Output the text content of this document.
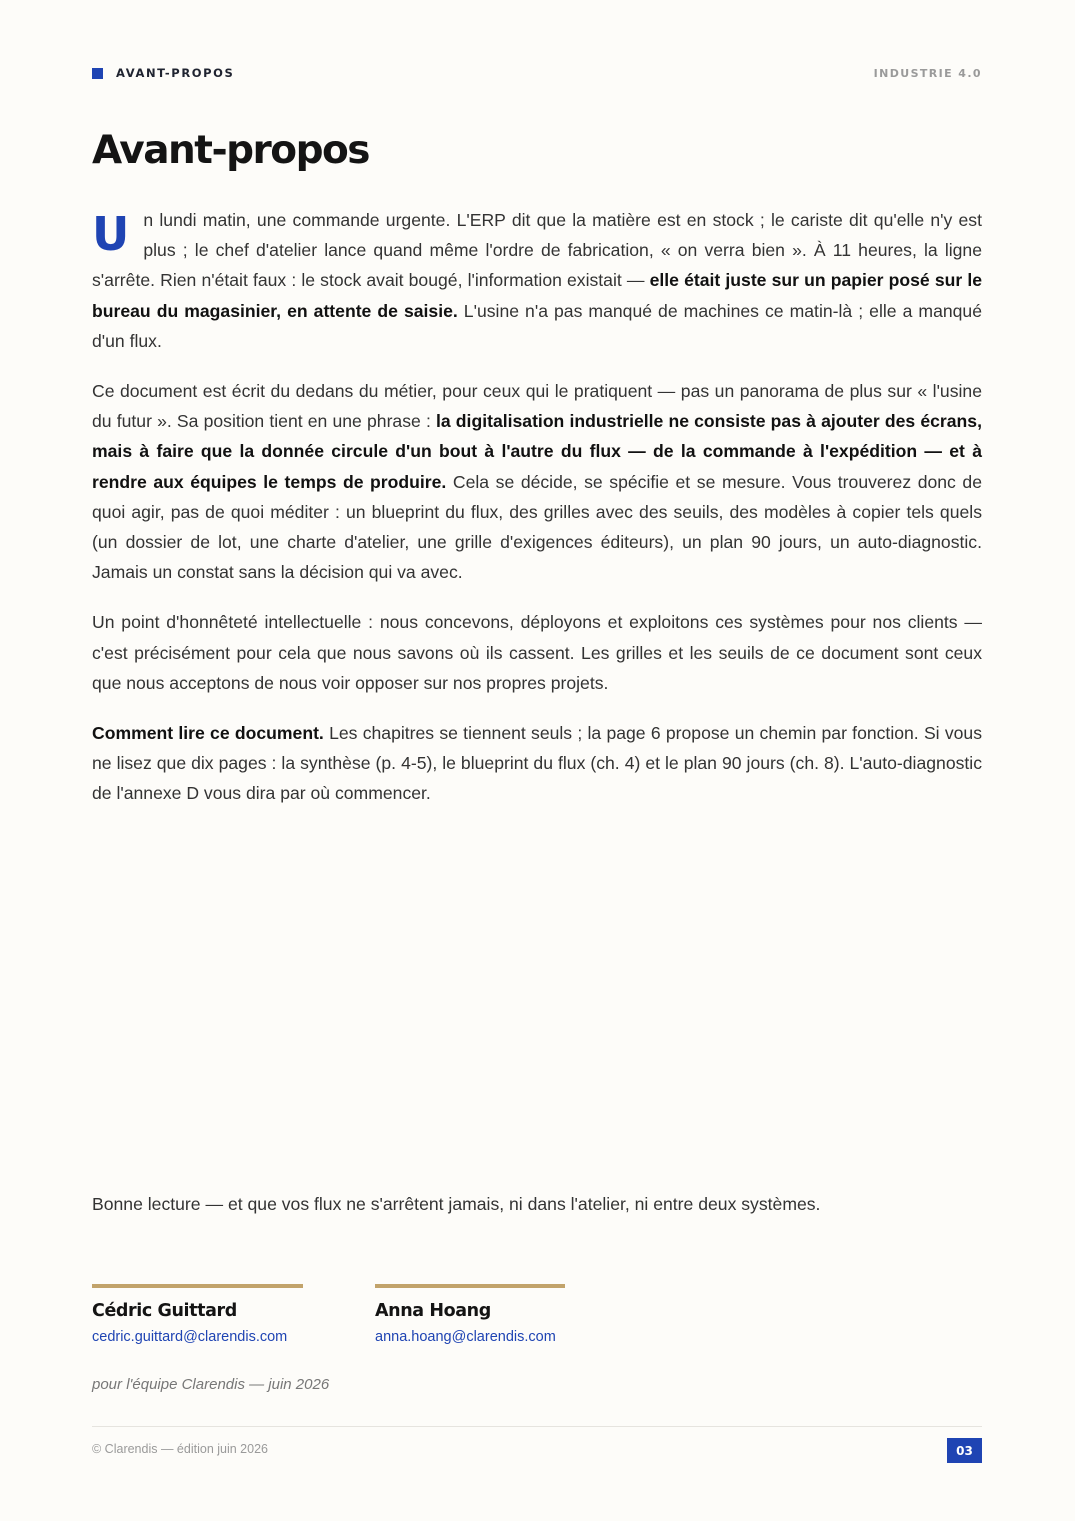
AVANT-PROPOS	INDUSTRIE 4.0
Avant-propos

Un lundi matin, une commande urgente. L'ERP dit que la matière est en stock ; le cariste dit qu'elle n'y est plus ; le chef d'atelier lance quand même l'ordre de fabrication, « on verra bien ». À 11 heures, la ligne s'arrête. Rien n'était faux : le stock avait bougé, l'information existait — elle était juste sur un papier posé sur le bureau du magasinier, en attente de saisie. L'usine n'a pas manqué de machines ce matin-là ; elle a manqué d'un flux.

Ce document est écrit du dedans du métier, pour ceux qui le pratiquent — pas un panorama de plus sur « l'usine du futur ». Sa position tient en une phrase : la digitalisation industrielle ne consiste pas à ajouter des écrans, mais à faire que la donnée circule d'un bout à l'autre du flux — de la commande à l'expédition — et à rendre aux équipes le temps de produire. Cela se décide, se spécifie et se mesure. Vous trouverez donc de quoi agir, pas de quoi méditer : un blueprint du flux, des grilles avec des seuils, des modèles à copier tels quels (un dossier de lot, une charte d'atelier, une grille d'exigences éditeurs), un plan 90 jours, un auto-diagnostic. Jamais un constat sans la décision qui va avec.

Un point d'honnêteté intellectuelle : nous concevons, déployons et exploitons ces systèmes pour nos clients — c'est précisément pour cela que nous savons où ils cassent. Les grilles et les seuils de ce document sont ceux que nous acceptons de nous voir opposer sur nos propres projets.

Comment lire ce document. Les chapitres se tiennent seuls ; la page 6 propose un chemin par fonction. Si vous ne lisez que dix pages : la synthèse (p. 4-5), le blueprint du flux (ch. 4) et le plan 90 jours (ch. 8). L'auto-diagnostic de l'annexe D vous dira par où commencer.

Bonne lecture — et que vos flux ne s'arrêtent jamais, ni dans l'atelier, ni entre deux systèmes.

Cédric Guittard
cedric.guittard@clarendis.com
Anna Hoang
anna.hoang@clarendis.com
pour l'équipe Clarendis — juin 2026
© Clarendis — édition juin 2026	03
